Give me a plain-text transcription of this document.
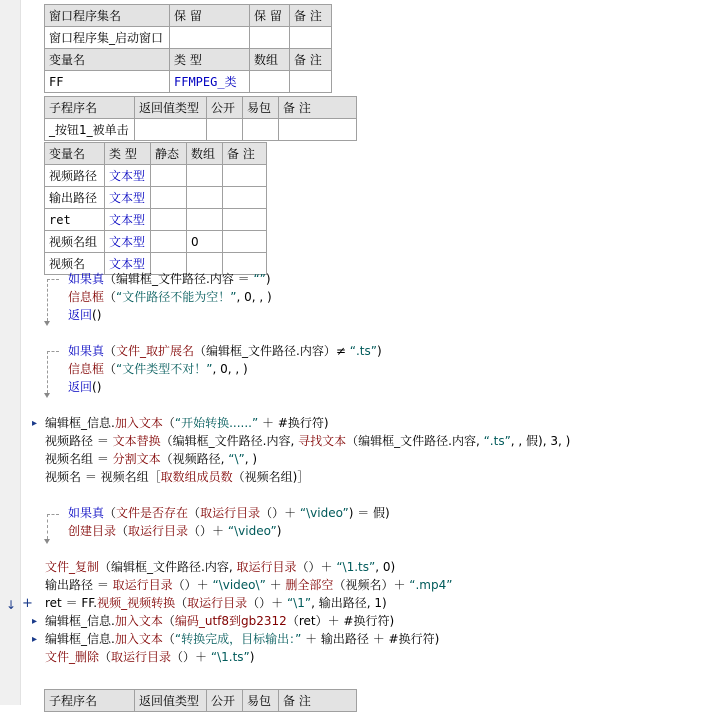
窗口程序集名	保 留	保 留	备 注
窗口程序集_启动窗口			
变量名	类 型	数组	备 注
FF	FFMPEG_类		
子程序名	返回值类型	公开	易包	备 注
_按钮1_被单击				
变量名	类 型	静态	数组	备 注
视频路径	文本型			
输出路径	文本型			
ret	文本型			
视频名组	文本型		0	
视频名	文本型			
如果真（编辑框_文件路径.内容 ＝ “”)
信息框（“文件路径不能为空！”, 0, , )
返回()
如果真（文件_取扩展名（编辑框_文件路径.内容）≠ “.ts”)
信息框（“文件类型不对！”, 0, , )
返回()
▸ 编辑框_信息.加入文本（“开始转换......” ＋ #换行符)
视频路径 ＝ 文本替换（编辑框_文件路径.内容, 寻找文本（编辑框_文件路径.内容, “.ts”, , 假), 3, )
视频名组 ＝ 分割文本（视频路径, “\”, )
视频名 ＝ 视频名组［取数组成员数（视频名组)］
如果真（文件是否存在（取运行目录（）＋ “\video”) ＝ 假)
创建目录（取运行目录（）＋ “\video”)
文件_复制（编辑框_文件路径.内容, 取运行目录（）＋ “\1.ts”, 0)
输出路径 ＝ 取运行目录（）＋ “\video\” ＋ 删全部空（视频名）＋ “.mp4”
↓ + ret ＝ FF.视频_视频转换（取运行目录（）＋ “\1”, 输出路径, 1)
▸ 编辑框_信息.加入文本（编码_utf8到gb2312（ret）＋ #换行符)
▸ 编辑框_信息.加入文本（“转换完成，目标输出：” ＋ 输出路径 ＋ #换行符)
文件_删除（取运行目录（）＋ “\1.ts”)
子程序名	返回值类型	公开	易包	备 注
